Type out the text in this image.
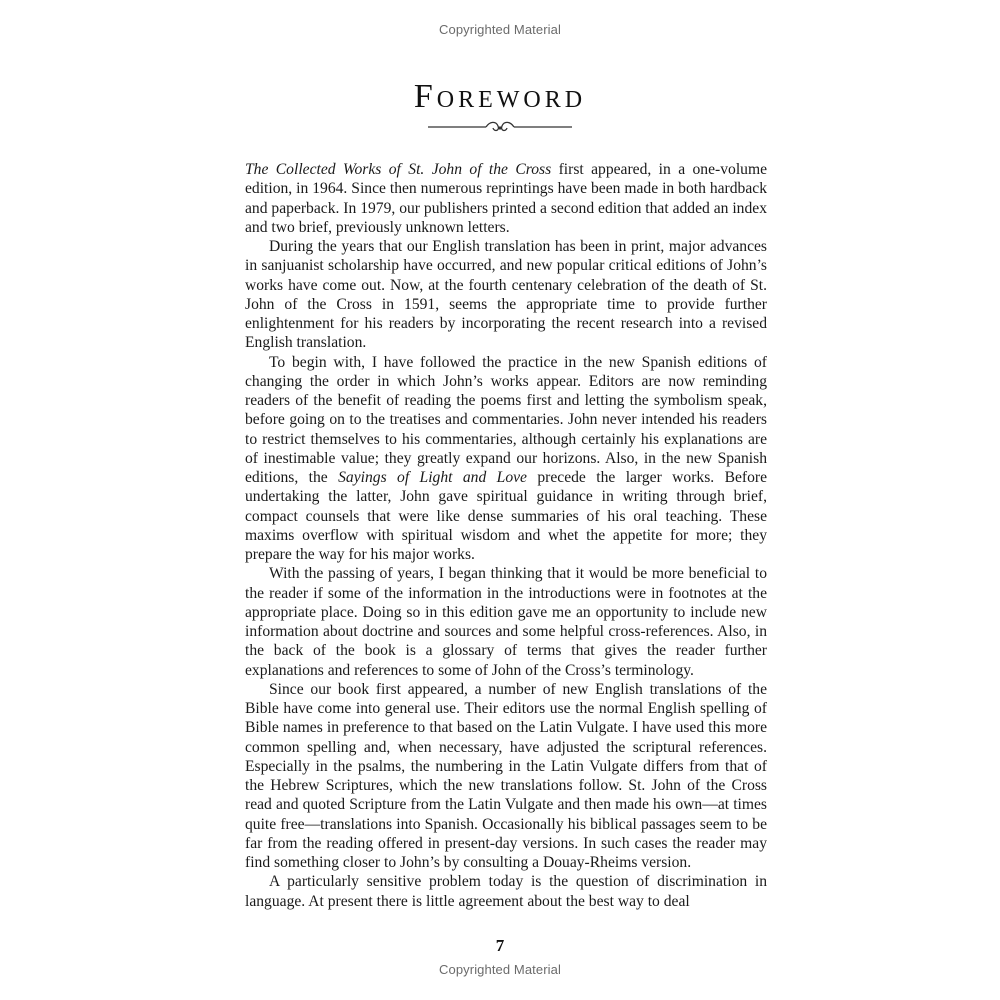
Copyrighted Material
Foreword

The Collected Works of St. John of the Cross first appeared, in a one-volume edition, in 1964. Since then numerous reprintings have been made in both hardback and paperback. In 1979, our publishers printed a second edition that added an index and two brief, previously unknown letters.

During the years that our English translation has been in print, major advances in sanjuanist scholarship have occurred, and new popular critical editions of John’s works have come out. Now, at the fourth centenary celebration of the death of St. John of the Cross in 1591, seems the appropriate time to provide further enlightenment for his readers by incorporating the recent research into a revised English translation.

To begin with, I have followed the practice in the new Spanish editions of changing the order in which John’s works appear. Editors are now reminding readers of the benefit of reading the poems first and letting the symbolism speak, before going on to the treatises and commentaries. John never intended his readers to restrict themselves to his commentaries, although certainly his explanations are of inestimable value; they greatly expand our horizons. Also, in the new Spanish editions, the Sayings of Light and Love precede the larger works. Before undertaking the latter, John gave spiritual guidance in writing through brief, compact counsels that were like dense summaries of his oral teaching. These maxims overflow with spiritual wisdom and whet the appetite for more; they prepare the way for his major works.

With the passing of years, I began thinking that it would be more beneficial to the reader if some of the information in the introductions were in footnotes at the appropriate place. Doing so in this edition gave me an opportunity to include new information about doctrine and sources and some helpful cross-references. Also, in the back of the book is a glossary of terms that gives the reader further explanations and references to some of John of the Cross’s terminology.

Since our book first appeared, a number of new English translations of the Bible have come into general use. Their editors use the normal English spelling of Bible names in preference to that based on the Latin Vulgate. I have used this more common spelling and, when necessary, have adjusted the scriptural references. Especially in the psalms, the numbering in the Latin Vulgate differs from that of the Hebrew Scriptures, which the new translations follow. St. John of the Cross read and quoted Scripture from the Latin Vulgate and then made his own—at times quite free—translations into Spanish. Occasionally his biblical passages seem to be far from the reading offered in present-day versions. In such cases the reader may find something closer to John’s by consulting a Douay-Rheims version.

A particularly sensitive problem today is the question of discrimination in language. At present there is little agreement about the best way to deal

7
Copyrighted Material
